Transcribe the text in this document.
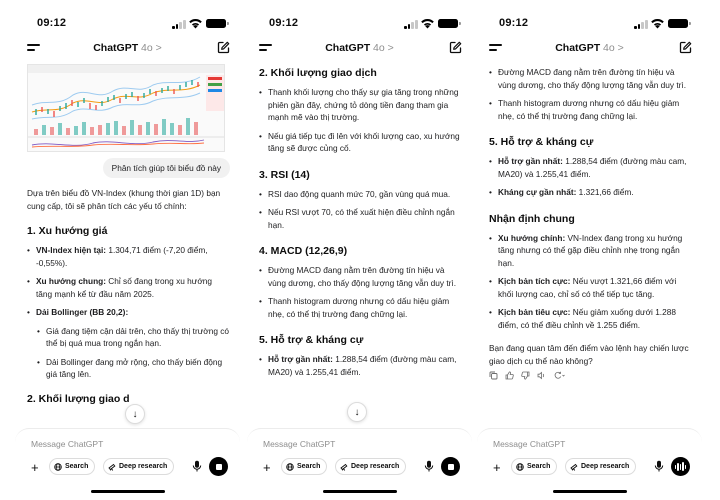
09:12
ChatGPT 4o >
Phân tích giúp tôi biểu đồ này
Dựa trên biểu đồ VN-Index (khung thời gian 1D) bạn cung cấp, tôi sẽ phân tích các yếu tố chính:
1. Xu hướng giá
• VN-Index hiện tại: 1.304,71 điểm (-7,20 điểm, -0,55%).
• Xu hướng chung: Chỉ số đang trong xu hướng tăng mạnh kể từ đầu năm 2025.
• Dải Bollinger (BB 20,2):
• Giá đang tiệm cận dải trên, cho thấy thị trường có thể bị quá mua trong ngắn hạn.
• Dải Bollinger đang mở rộng, cho thấy biến động giá tăng lên.
2. Khối lượng giao d
↓
Message ChatGPT
+	Search	Deep research
09:12
ChatGPT 4o >
2. Khối lượng giao dịch
• Thanh khối lượng cho thấy sự gia tăng trong những phiên gần đây, chứng tỏ dòng tiền đang tham gia mạnh mẽ vào thị trường.
• Nếu giá tiếp tục đi lên với khối lượng cao, xu hướng tăng sẽ được củng cố.
3. RSI (14)
• RSI dao động quanh mức 70, gần vùng quá mua.
• Nếu RSI vượt 70, có thể xuất hiện điều chỉnh ngắn hạn.
4. MACD (12,26,9)
• Đường MACD đang nằm trên đường tín hiệu và vùng dương, cho thấy động lượng tăng vẫn duy trì.
• Thanh histogram dương nhưng có dấu hiệu giảm nhẹ, có thể thị trường đang chững lại.
5. Hỗ trợ & kháng cự
• Hỗ trợ gần nhất: 1.288,54 điểm (đường màu cam, MA20) và 1.255,41 điểm.
↓
Message ChatGPT
+	Search	Deep research
09:12
ChatGPT 4o >
• Đường MACD đang nằm trên đường tín hiệu và vùng dương, cho thấy động lượng tăng vẫn duy trì.
• Thanh histogram dương nhưng có dấu hiệu giảm nhẹ, có thể thị trường đang chững lại.
5. Hỗ trợ & kháng cự
• Hỗ trợ gần nhất: 1.288,54 điểm (đường màu cam, MA20) và 1.255,41 điểm.
• Kháng cự gần nhất: 1.321,66 điểm.
Nhận định chung
• Xu hướng chính: VN-Index đang trong xu hướng tăng nhưng có thể gặp điều chỉnh nhẹ trong ngắn hạn.
• Kịch bản tích cực: Nếu vượt 1.321,66 điểm với khối lượng cao, chỉ số có thể tiếp tục tăng.
• Kịch bản tiêu cực: Nếu giảm xuống dưới 1.288 điểm, có thể điều chỉnh về 1.255 điểm.
Bạn đang quan tâm đến điểm vào lệnh hay chiến lược giao dịch cụ thể nào không?
Message ChatGPT
+	Search	Deep research
